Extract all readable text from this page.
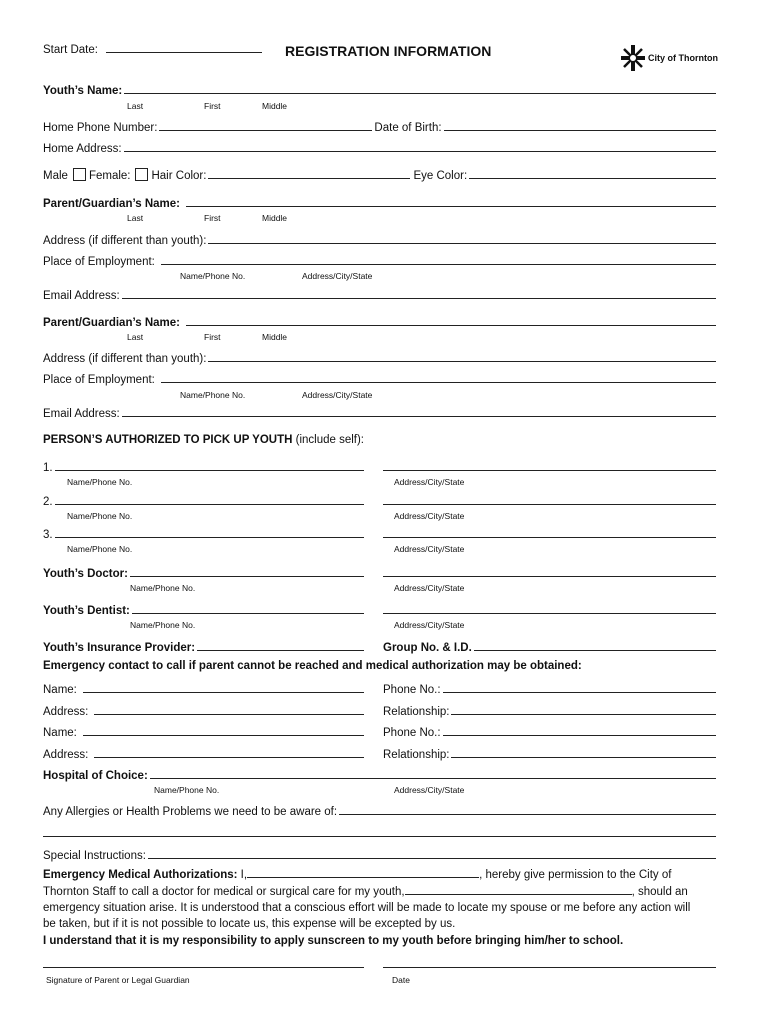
Start Date:	REGISTRATION INFORMATION	City of Thornton
Youth’s Name:
Last	First	Middle
Home Phone Number:	Date of Birth:
Home Address:
Male Female: Hair Color:	Eye Color:
Parent/Guardian’s Name:
Last	First	Middle
Address (if different than youth):
Place of Employment:
Name/Phone No.	Address/City/State
Email Address:
Parent/Guardian’s Name:
Last	First	Middle
Address (if different than youth):
Place of Employment:
Name/Phone No.	Address/City/State
Email Address:
PERSON’S AUTHORIZED TO PICK UP YOUTH (include self):
1.
Name/Phone No.	Address/City/State
2.
Name/Phone No.	Address/City/State
3.
Name/Phone No.	Address/City/State
Youth’s Doctor:
Name/Phone No.	Address/City/State
Youth’s Dentist:
Name/Phone No.	Address/City/State
Youth’s Insurance Provider:	Group No. & I.D.
Emergency contact to call if parent cannot be reached and medical authorization may be obtained:
Name:	Phone No.:
Address:	Relationship:
Name:	Phone No.:
Address:	Relationship:
Hospital of Choice:
Name/Phone No.	Address/City/State
Any Allergies or Health Problems we need to be aware of:
Special Instructions:
Emergency Medical Authorizations: I,	, hereby give permission to the City of
Thornton Staff to call a doctor for medical or surgical care for my youth,	, should an
emergency situation arise. It is understood that a conscious effort will be made to locate my spouse or me before any action will
be taken, but if it is not possible to locate us, this expense will be excepted by us.
I understand that it is my responsibility to apply sunscreen to my youth before bringing him/her to school.
Signature of Parent or Legal Guardian	Date
